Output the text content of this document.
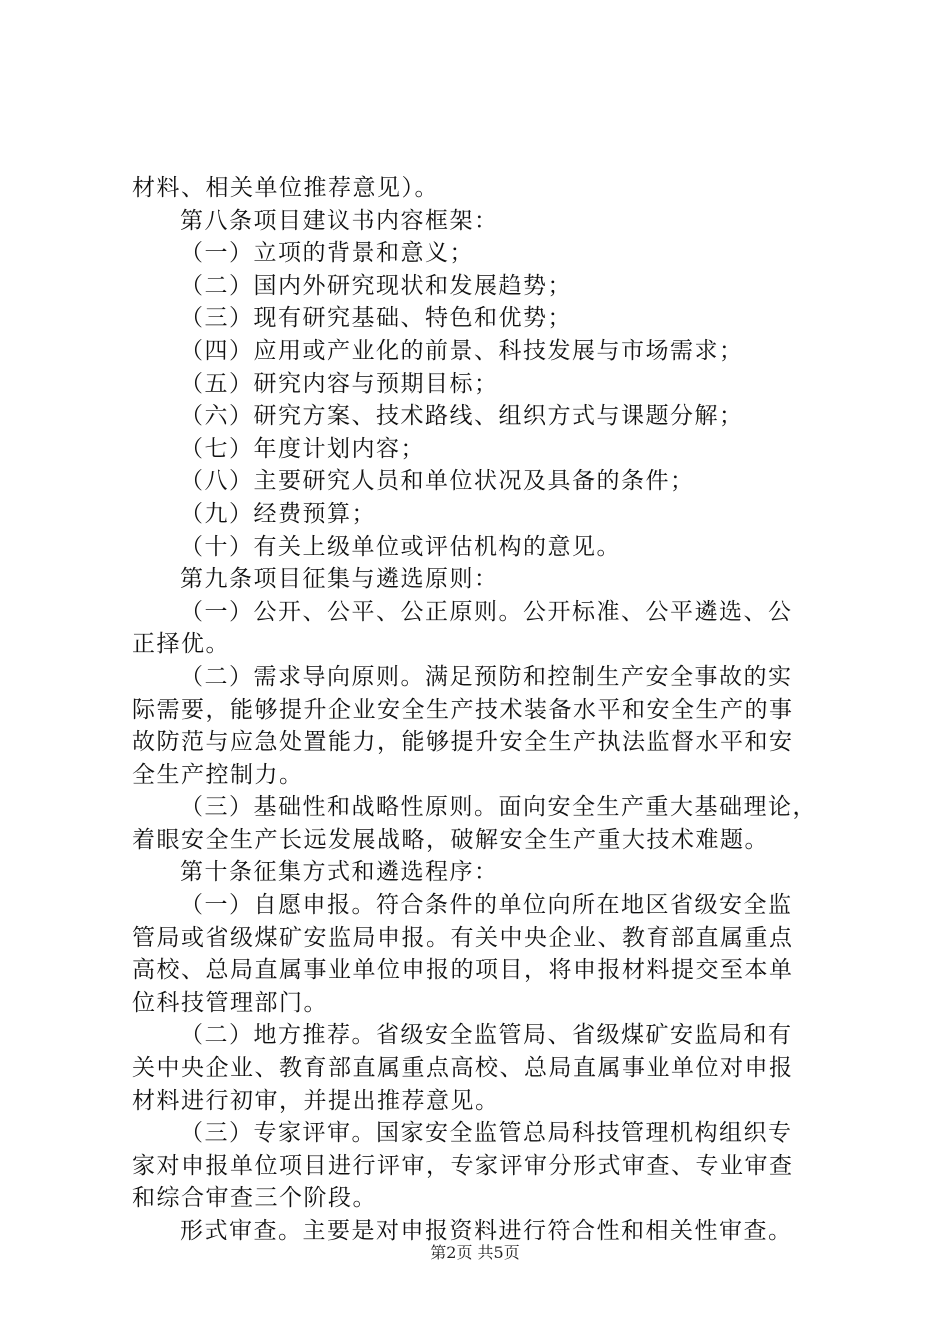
材料、相关单位推荐意见）。
第八条项目建议书内容框架：
（一）立项的背景和意义；
（二）国内外研究现状和发展趋势；
（三）现有研究基础、特色和优势；
（四）应用或产业化的前景、科技发展与市场需求；
（五）研究内容与预期目标；
（六）研究方案、技术路线、组织方式与课题分解；
（七）年度计划内容；
（八）主要研究人员和单位状况及具备的条件；
（九）经费预算；
（十）有关上级单位或评估机构的意见。
第九条项目征集与遴选原则：
（一）公开、公平、公正原则。公开标准、公平遴选、公
正择优。
（二）需求导向原则。满足预防和控制生产安全事故的实
际需要，能够提升企业安全生产技术装备水平和安全生产的事
故防范与应急处置能力，能够提升安全生产执法监督水平和安
全生产控制力。
（三）基础性和战略性原则。面向安全生产重大基础理论，
着眼安全生产长远发展战略，破解安全生产重大技术难题。
第十条征集方式和遴选程序：
（一）自愿申报。符合条件的单位向所在地区省级安全监
管局或省级煤矿安监局申报。有关中央企业、教育部直属重点
高校、总局直属事业单位申报的项目，将申报材料提交至本单
位科技管理部门。
（二）地方推荐。省级安全监管局、省级煤矿安监局和有
关中央企业、教育部直属重点高校、总局直属事业单位对申报
材料进行初审，并提出推荐意见。
（三）专家评审。国家安全监管总局科技管理机构组织专
家对申报单位项目进行评审，专家评审分形式审查、专业审查
和综合审查三个阶段。
形式审查。主要是对申报资料进行符合性和相关性审查。
第2页 共5页
